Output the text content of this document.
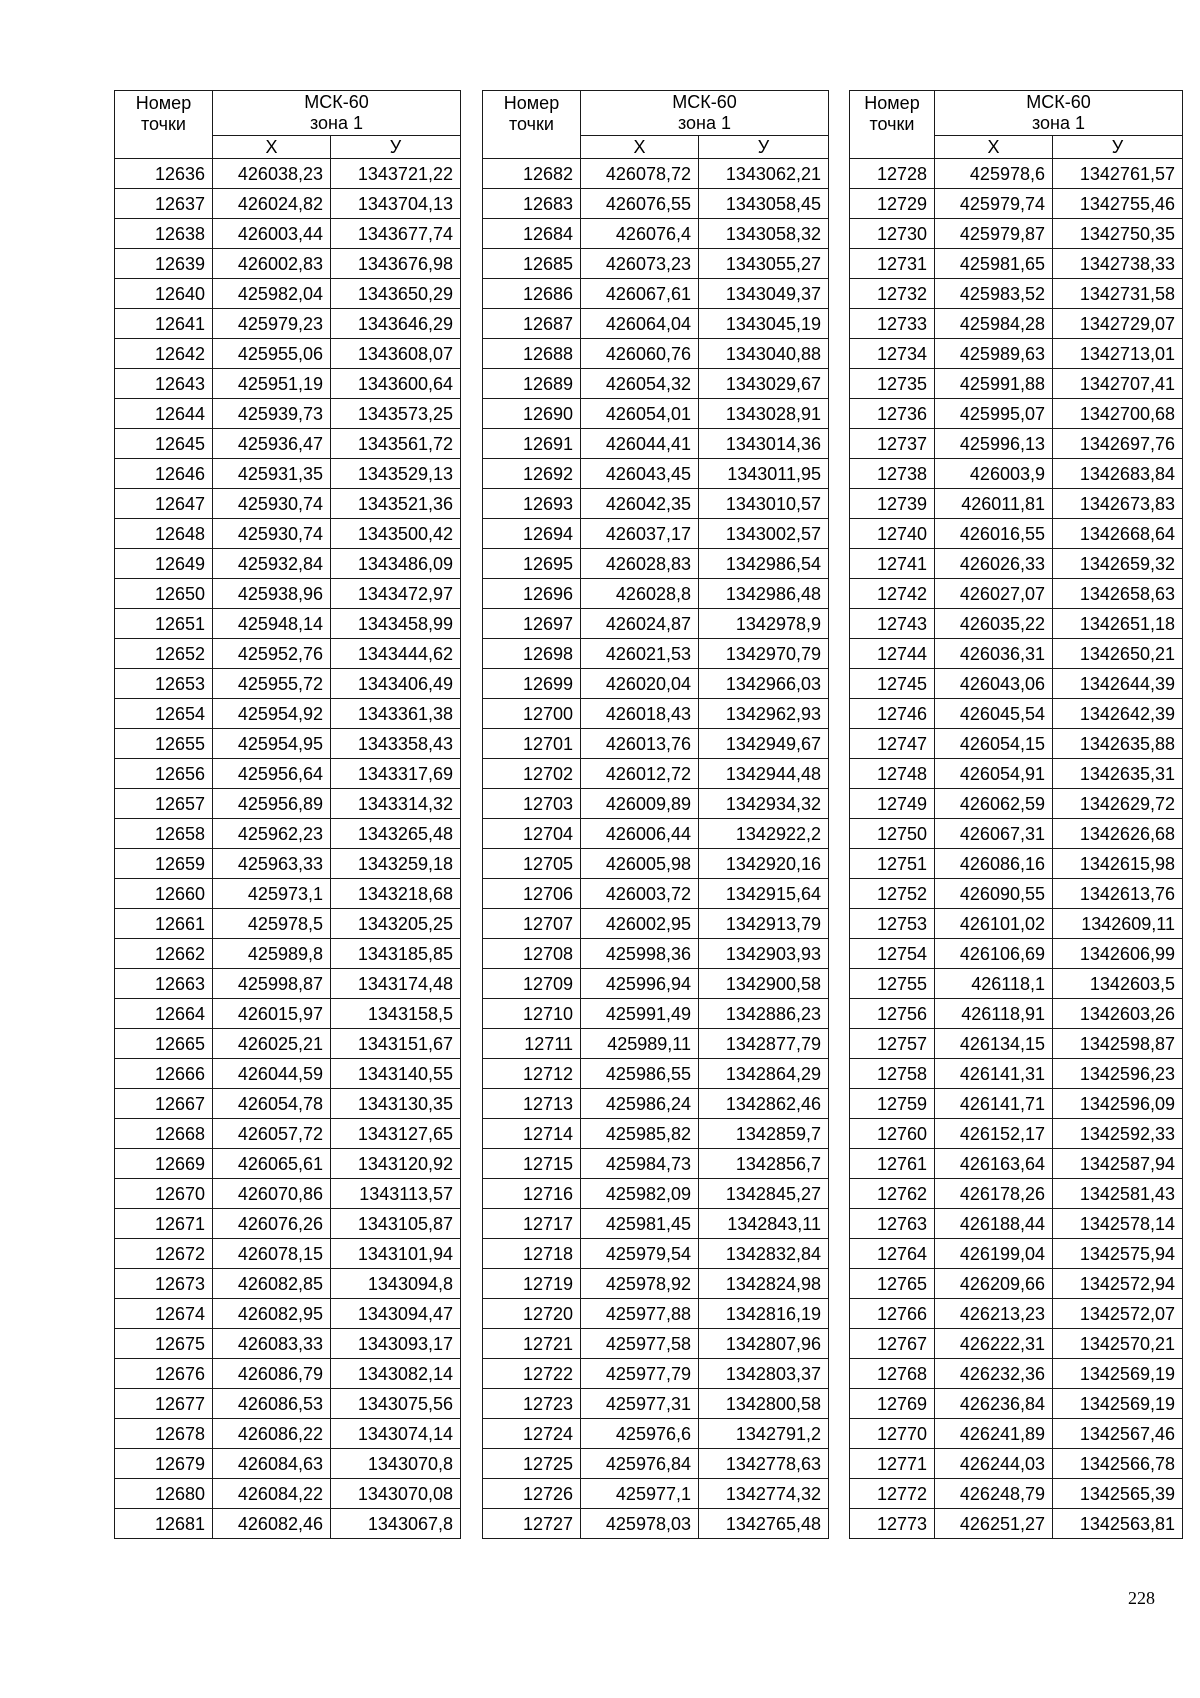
Номер
точки	МСК-60
зона 1	
	Х	У
12636	426038,23	1343721,22
12637	426024,82	1343704,13
12638	426003,44	1343677,74
12639	426002,83	1343676,98
12640	425982,04	1343650,29
12641	425979,23	1343646,29
12642	425955,06	1343608,07
12643	425951,19	1343600,64
12644	425939,73	1343573,25
12645	425936,47	1343561,72
12646	425931,35	1343529,13
12647	425930,74	1343521,36
12648	425930,74	1343500,42
12649	425932,84	1343486,09
12650	425938,96	1343472,97
12651	425948,14	1343458,99
12652	425952,76	1343444,62
12653	425955,72	1343406,49
12654	425954,92	1343361,38
12655	425954,95	1343358,43
12656	425956,64	1343317,69
12657	425956,89	1343314,32
12658	425962,23	1343265,48
12659	425963,33	1343259,18
12660	425973,1	1343218,68
12661	425978,5	1343205,25
12662	425989,8	1343185,85
12663	425998,87	1343174,48
12664	426015,97	1343158,5
12665	426025,21	1343151,67
12666	426044,59	1343140,55
12667	426054,78	1343130,35
12668	426057,72	1343127,65
12669	426065,61	1343120,92
12670	426070,86	1343113,57
12671	426076,26	1343105,87
12672	426078,15	1343101,94
12673	426082,85	1343094,8
12674	426082,95	1343094,47
12675	426083,33	1343093,17
12676	426086,79	1343082,14
12677	426086,53	1343075,56
12678	426086,22	1343074,14
12679	426084,63	1343070,8
12680	426084,22	1343070,08
12681	426082,46	1343067,8
Номер
точки	МСК-60
зона 1	
	Х	У
12682	426078,72	1343062,21
12683	426076,55	1343058,45
12684	426076,4	1343058,32
12685	426073,23	1343055,27
12686	426067,61	1343049,37
12687	426064,04	1343045,19
12688	426060,76	1343040,88
12689	426054,32	1343029,67
12690	426054,01	1343028,91
12691	426044,41	1343014,36
12692	426043,45	1343011,95
12693	426042,35	1343010,57
12694	426037,17	1343002,57
12695	426028,83	1342986,54
12696	426028,8	1342986,48
12697	426024,87	1342978,9
12698	426021,53	1342970,79
12699	426020,04	1342966,03
12700	426018,43	1342962,93
12701	426013,76	1342949,67
12702	426012,72	1342944,48
12703	426009,89	1342934,32
12704	426006,44	1342922,2
12705	426005,98	1342920,16
12706	426003,72	1342915,64
12707	426002,95	1342913,79
12708	425998,36	1342903,93
12709	425996,94	1342900,58
12710	425991,49	1342886,23
12711	425989,11	1342877,79
12712	425986,55	1342864,29
12713	425986,24	1342862,46
12714	425985,82	1342859,7
12715	425984,73	1342856,7
12716	425982,09	1342845,27
12717	425981,45	1342843,11
12718	425979,54	1342832,84
12719	425978,92	1342824,98
12720	425977,88	1342816,19
12721	425977,58	1342807,96
12722	425977,79	1342803,37
12723	425977,31	1342800,58
12724	425976,6	1342791,2
12725	425976,84	1342778,63
12726	425977,1	1342774,32
12727	425978,03	1342765,48
Номер
точки	МСК-60
зона 1	
	Х	У
12728	425978,6	1342761,57
12729	425979,74	1342755,46
12730	425979,87	1342750,35
12731	425981,65	1342738,33
12732	425983,52	1342731,58
12733	425984,28	1342729,07
12734	425989,63	1342713,01
12735	425991,88	1342707,41
12736	425995,07	1342700,68
12737	425996,13	1342697,76
12738	426003,9	1342683,84
12739	426011,81	1342673,83
12740	426016,55	1342668,64
12741	426026,33	1342659,32
12742	426027,07	1342658,63
12743	426035,22	1342651,18
12744	426036,31	1342650,21
12745	426043,06	1342644,39
12746	426045,54	1342642,39
12747	426054,15	1342635,88
12748	426054,91	1342635,31
12749	426062,59	1342629,72
12750	426067,31	1342626,68
12751	426086,16	1342615,98
12752	426090,55	1342613,76
12753	426101,02	1342609,11
12754	426106,69	1342606,99
12755	426118,1	1342603,5
12756	426118,91	1342603,26
12757	426134,15	1342598,87
12758	426141,31	1342596,23
12759	426141,71	1342596,09
12760	426152,17	1342592,33
12761	426163,64	1342587,94
12762	426178,26	1342581,43
12763	426188,44	1342578,14
12764	426199,04	1342575,94
12765	426209,66	1342572,94
12766	426213,23	1342572,07
12767	426222,31	1342570,21
12768	426232,36	1342569,19
12769	426236,84	1342569,19
12770	426241,89	1342567,46
12771	426244,03	1342566,78
12772	426248,79	1342565,39
12773	426251,27	1342563,81
228
